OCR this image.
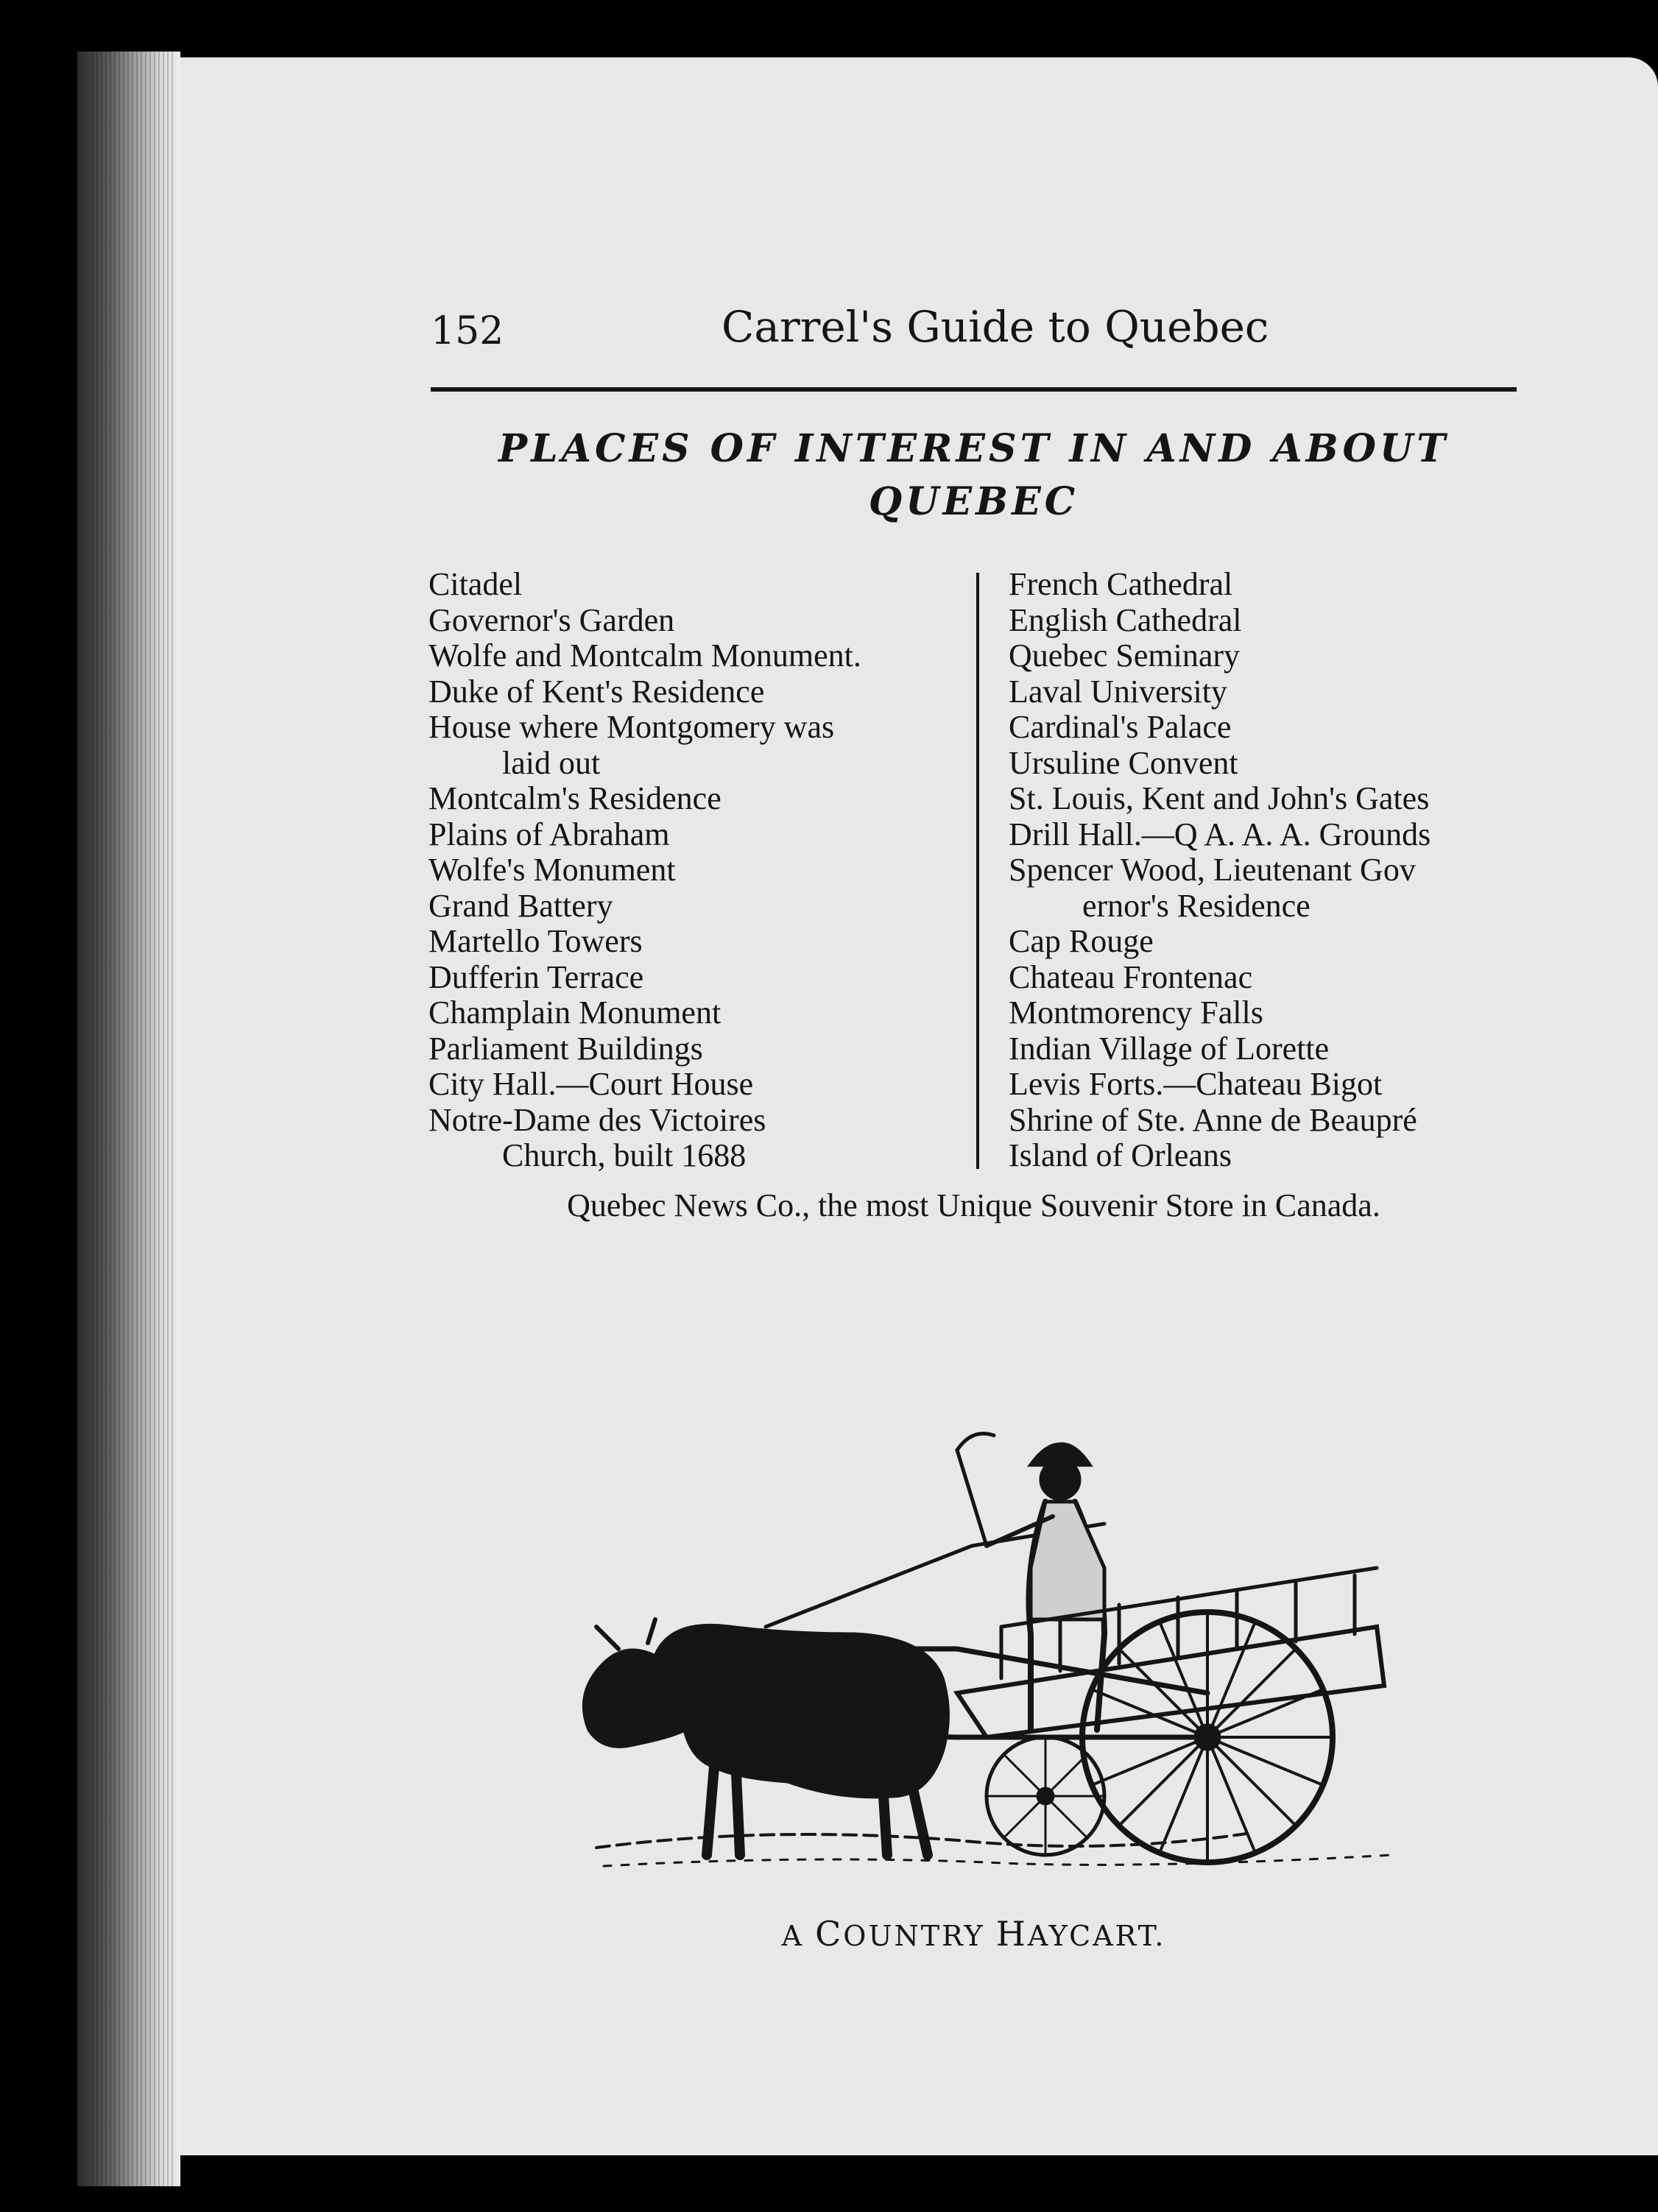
152	Carrel's Guide to Quebec
PLACES OF INTEREST IN AND ABOUT
QUEBEC
Citadel
Governor's Garden
Wolfe and Montcalm Monument.
Duke of Kent's Residence
House where Montgomery was
laid out
Montcalm's Residence
Plains of Abraham
Wolfe's Monument
Grand Battery
Martello Towers
Dufferin Terrace
Champlain Monument
Parliament Buildings
City Hall.—Court House
Notre-Dame des Victoires
Church, built 1688
French Cathedral
English Cathedral
Quebec Seminary
Laval University
Cardinal's Palace
Ursuline Convent
St. Louis, Kent and John's Gates
Drill Hall.—Q A. A. A. Grounds
Spencer Wood, Lieutenant Gov
ernor's Residence
Cap Rouge
Chateau Frontenac
Montmorency Falls
Indian Village of Lorette
Levis Forts.—Chateau Bigot
Shrine of Ste. Anne de Beaupré
Island of Orleans
Quebec News Co., the most Unique Souvenir Store in Canada.
A COUNTRY HAYCART.
